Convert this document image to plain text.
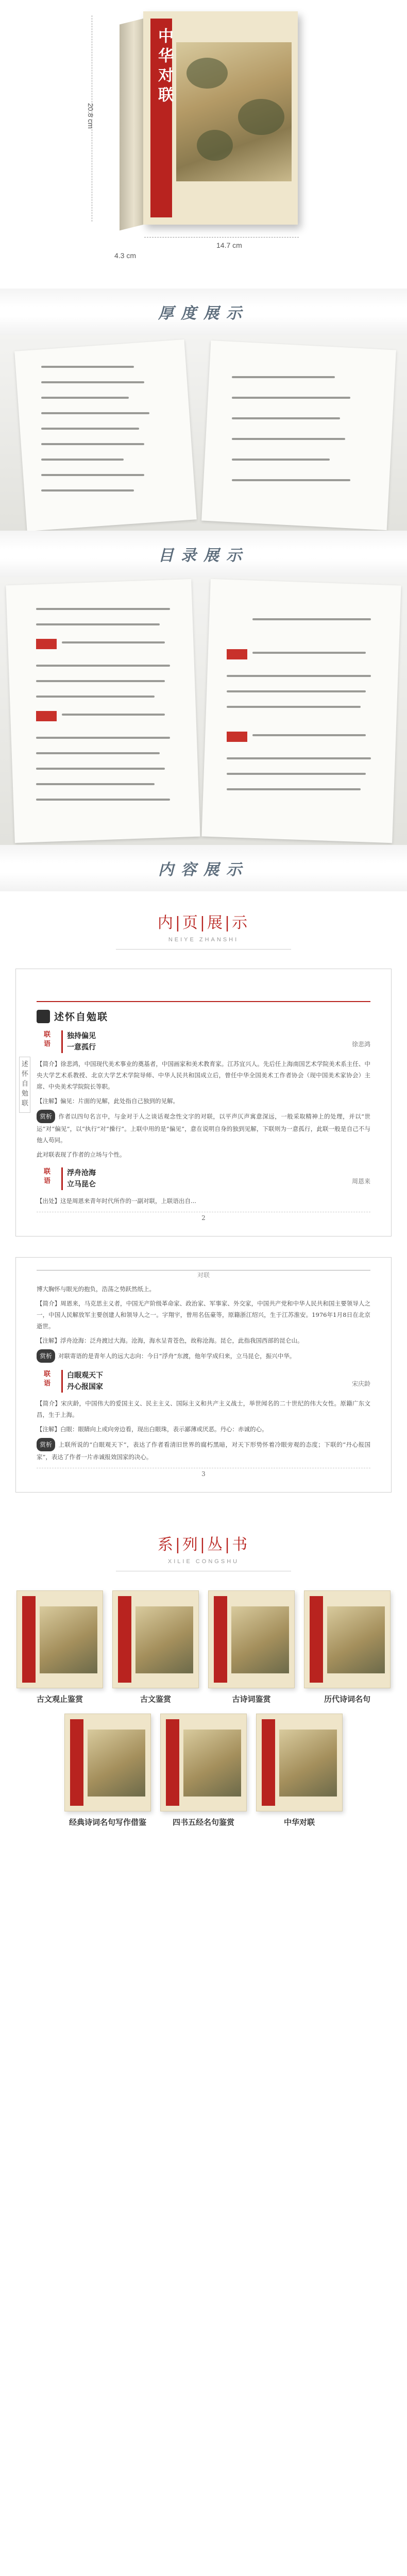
中华对联
20.8 cm
14.7 cm
4.3 cm
厚度展示
目录展示
内容展示
内|页|展|示
NEIYE ZHANSHI
述怀自勉联
述怀自勉联
联语
独持偏见
一意孤行	徐悲鸿

【简介】徐悲鸿，中国现代美术事业的奠基者，中国画家和美术教育家。江苏宜兴人。先后任上海南国艺术学院美术系主任、中央大学艺术系教授、北京大学艺术学院导师、中华人民共和国成立后，曾任中华全国美术工作者协会（现中国美术家协会）主席、中央美术学院院长等职。

【注解】偏见：片面的见解，此处指自己独到的见解。

赏析 作者以四句名言中，与金对于人之谈话观念性文字的对联，以平声仄声寓意深远，一般采取精神上的处理，并以“世运”对“偏见”，以“执行”对“操行”。上联中用的是“偏见”，意在说明自身的独到见解，下联则为一意孤行，此联一般是自己不与他人苟同。

此对联表现了作者的立场与个性。

联语
浮舟沧海
立马昆仑	周恩来

【出处】这是周恩来青年时代所作的一副对联，上联语出自...

2
对联

博大胸怀与眼光的抱负，浩荡之势跃然纸上。

【简介】周恩来，马克思主义者，中国无产阶级革命家、政治家、军事家、外交家，中国共产党和中华人民共和国主要领导人之一，中国人民解放军主要创建人和领导人之一。字翔宇，曾用名伍豪等，原籍浙江绍兴，生于江苏淮安。1976年1月8日在北京逝世。

【注解】浮舟沧海：泛舟渡过大海。沧海，海水呈青苍色，故称沧海。昆仑，此指我国西部的昆仑山。

赏析 对联寄语的是青年人的远大志向：今日“浮舟”东渡，他年学成归来，立马昆仑，振兴中华。

联语
白眼观天下
丹心报国家	宋庆龄

【简介】宋庆龄，中国伟大的爱国主义、民主主义、国际主义和共产主义战士，举世闻名的二十世纪的伟大女性。原籍广东文昌，生于上海。

【注解】白眼：眼睛向上或向旁边看，现出白眼珠，表示鄙薄或厌恶。丹心：赤诚的心。

赏析 上联所说的“白眼观天下”，表达了作者看清旧世界的腐朽黑暗，对天下形势怀着冷眼旁观的态度；下联的“丹心报国家”，表达了作者一片赤诚报效国家的决心。

3
系|列|丛|书
XILIE CONGSHU
古文观止鉴赏	古文鉴赏	古诗词鉴赏	历代诗词名句
经典诗词名句写作借鉴	四书五经名句鉴赏	中华对联
